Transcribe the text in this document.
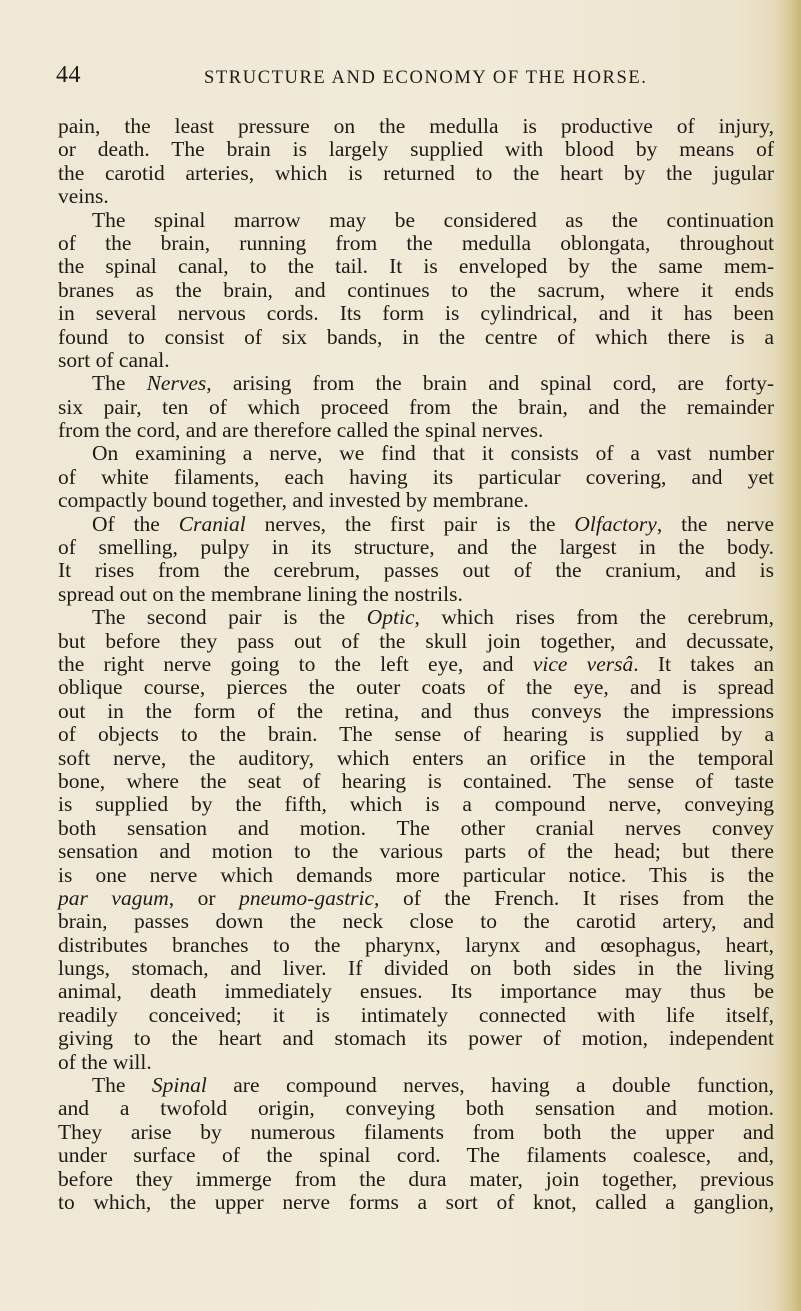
44	STRUCTURE AND ECONOMY OF THE HORSE.
pain, the least pressure on the medulla is productive of injury,
or death. The brain is largely supplied with blood by means of
the carotid arteries, which is returned to the heart by the jugular
veins.
The spinal marrow may be considered as the continuation
of the brain, running from the medulla oblongata, throughout
the spinal canal, to the tail. It is enveloped by the same mem-
branes as the brain, and continues to the sacrum, where it ends
in several nervous cords. Its form is cylindrical, and it has been
found to consist of six bands, in the centre of which there is a
sort of canal.
The Nerves, arising from the brain and spinal cord, are forty-
six pair, ten of which proceed from the brain, and the remainder
from the cord, and are therefore called the spinal nerves.
On examining a nerve, we find that it consists of a vast number
of white filaments, each having its particular covering, and yet
compactly bound together, and invested by membrane.
Of the Cranial nerves, the first pair is the Olfactory, the nerve
of smelling, pulpy in its structure, and the largest in the body.
It rises from the cerebrum, passes out of the cranium, and is
spread out on the membrane lining the nostrils.
The second pair is the Optic, which rises from the cerebrum,
but before they pass out of the skull join together, and decussate,
the right nerve going to the left eye, and vice versâ. It takes an
oblique course, pierces the outer coats of the eye, and is spread
out in the form of the retina, and thus conveys the impressions
of objects to the brain. The sense of hearing is supplied by a
soft nerve, the auditory, which enters an orifice in the temporal
bone, where the seat of hearing is contained. The sense of taste
is supplied by the fifth, which is a compound nerve, conveying
both sensation and motion. The other cranial nerves convey
sensation and motion to the various parts of the head; but there
is one nerve which demands more particular notice. This is the
par vagum, or pneumo-gastric, of the French. It rises from the
brain, passes down the neck close to the carotid artery, and
distributes branches to the pharynx, larynx and œsophagus, heart,
lungs, stomach, and liver. If divided on both sides in the living
animal, death immediately ensues. Its importance may thus be
readily conceived; it is intimately connected with life itself,
giving to the heart and stomach its power of motion, independent
of the will.
The Spinal are compound nerves, having a double function,
and a twofold origin, conveying both sensation and motion.
They arise by numerous filaments from both the upper and
under surface of the spinal cord. The filaments coalesce, and,
before they immerge from the dura mater, join together, previous
to which, the upper nerve forms a sort of knot, called a ganglion,
